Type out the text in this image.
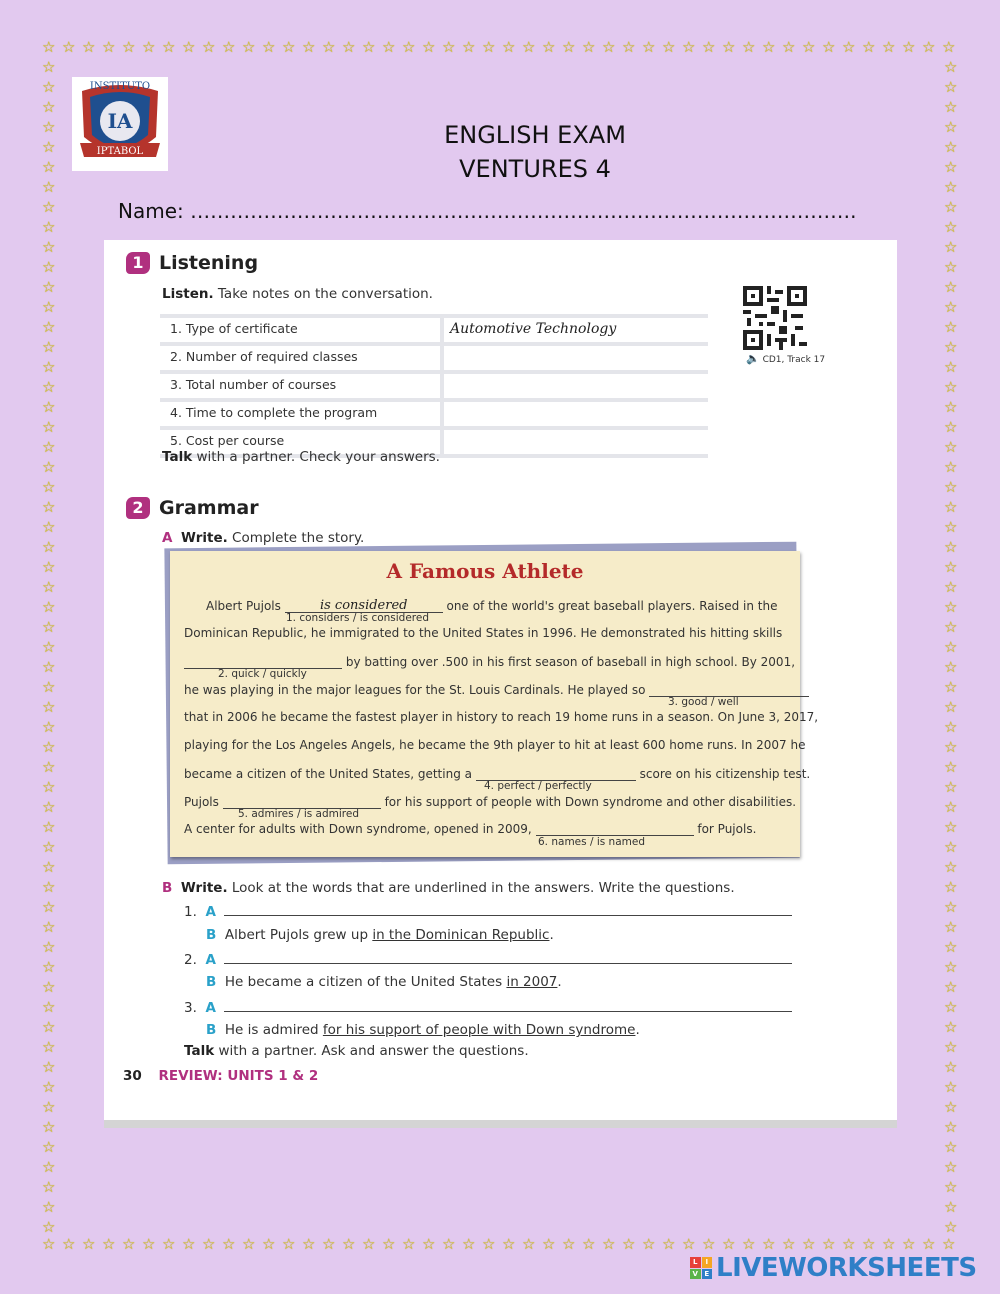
☆
☆
☆
☆
☆
☆
☆
☆
☆
☆
☆
☆
☆
☆
☆
☆
☆
☆
☆
☆
☆
☆
☆
☆
☆
☆
☆
☆
☆
☆
☆
☆
☆
☆
☆
☆
☆
☆
☆
☆
☆
☆
☆
☆
☆
☆
☆
☆
☆
☆
☆
☆
☆
☆
☆
☆
☆
☆
☆
☆
☆
☆
☆
☆
☆
☆
☆
☆
☆
☆
☆
☆
☆
☆
☆
☆
☆
☆
☆
☆
☆
☆
☆
☆
☆
☆
☆
☆
☆
☆
☆
☆
☆	☆
☆	☆
☆	☆
☆	☆
☆	☆
☆	☆
☆	☆
☆	☆
☆	☆
☆	☆
☆	☆
☆	☆
☆	☆
☆	☆
☆	☆
☆	☆
☆	☆
☆	☆
☆	☆
☆	☆
☆	☆
☆	☆
☆	☆
☆	☆
☆	☆
☆	☆
☆	☆
☆	☆
☆	☆
☆	☆
☆	☆
☆	☆
☆	☆
☆	☆
☆	☆
☆	☆
☆	☆
☆	☆
☆	☆
☆	☆
☆	☆
☆	☆
☆	☆
☆	☆
☆	☆
☆	☆
☆	☆
☆	☆
☆	☆
☆	☆
☆	☆
☆	☆
☆	☆
☆	☆
☆	☆
☆	☆
☆	☆
☆	☆
☆	☆
IA
IPTABOL
INSTITUTO
ENGLISH EXAM
VENTURES 4
Name: ……………………………………………………………………………………….
1 Listening
Listen. Take notes on the conversation.
1. Type of certificate	Automotive Technology
2. Number of required classes
3. Total number of courses
4. Time to complete the program
5. Cost per course
🔈 CD1, Track 17
Talk with a partner. Check your answers.
2 Grammar
A Write. Complete the story.
A Famous Athlete
Albert Pujols	is considered	one of the world's great baseball players. Raised in the
1. considers / is considered
Dominican Republic, he immigrated to the United States in 1996. He demonstrated his hitting skills
by batting over .500 in his first season of baseball in high school. By 2001,
2. quick / quickly
he was playing in the major leagues for the St. Louis Cardinals. He played so
3. good / well
that in 2006 he became the fastest player in history to reach 19 home runs in a season. On June 3, 2017,
playing for the Los Angeles Angels, he became the 9th player to hit at least 600 home runs. In 2007 he
became a citizen of the United States, getting a	score on his citizenship test.
4. perfect / perfectly
Pujols	for his support of people with Down syndrome and other disabilities.
5. admires / is admired
A center for adults with Down syndrome, opened in 2009,	for Pujols.
6. names / is named
B Write. Look at the words that are underlined in the answers. Write the questions.
1. A
B Albert Pujols grew up in the Dominican Republic.
2. A
B He became a citizen of the United States in 2007.
3. A
B He is admired for his support of people with Down syndrome.
Talk with a partner. Ask and answer the questions.
30 REVIEW: UNITS 1 & 2
L	I
V E LIVEWORKSHEETS
